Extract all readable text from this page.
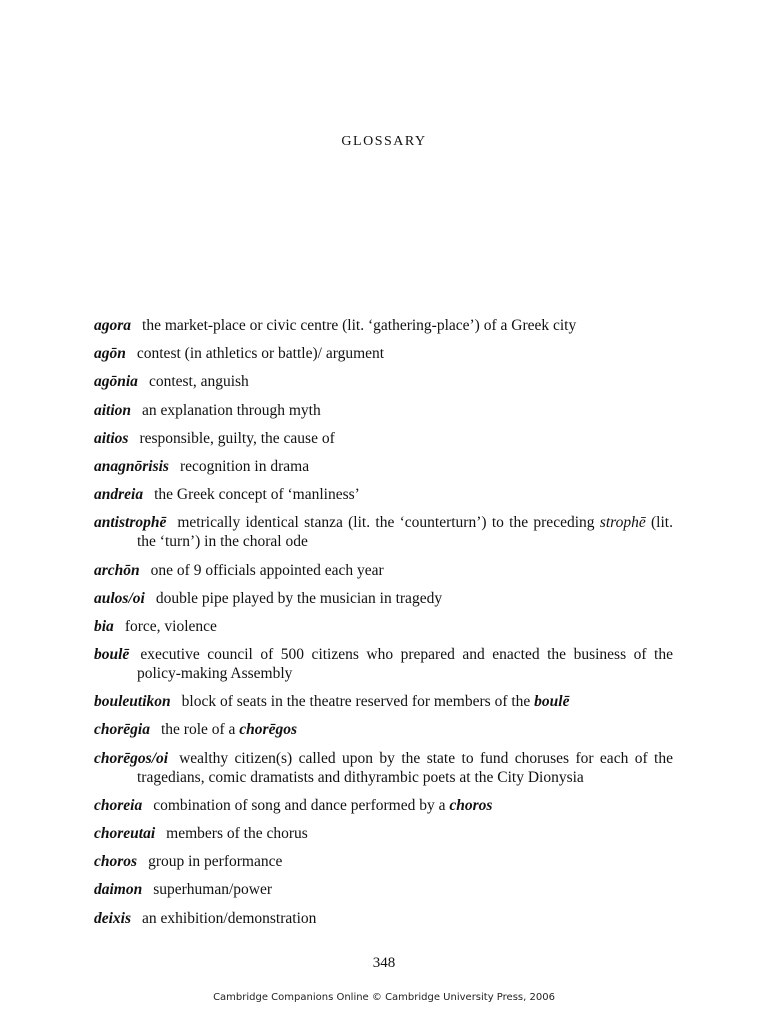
GLOSSARY
agora the market-place or civic centre (lit. ‘gathering-place’) of a Greek city
agōn contest (in athletics or battle)/ argument
agōnia contest, anguish
aition an explanation through myth
aitios responsible, guilty, the cause of
anagnōrisis recognition in drama
andreia the Greek concept of ‘manliness’
antistrophē metrically identical stanza (lit. the ‘counterturn’) to the preceding strophē (lit. the ‘turn’) in the choral ode
archōn one of 9 officials appointed each year
aulos/oi double pipe played by the musician in tragedy
bia force, violence
boulē executive council of 500 citizens who prepared and enacted the business of the policy-making Assembly
bouleutikon block of seats in the theatre reserved for members of the boulē
chorēgia the role of a chorēgos
chorēgos/oi wealthy citizen(s) called upon by the state to fund choruses for each of the tragedians, comic dramatists and dithyrambic poets at the City Dionysia
choreia combination of song and dance performed by a choros
choreutai members of the chorus
choros group in performance
daimon superhuman/power
deixis an exhibition/demonstration
348
Cambridge Companions Online © Cambridge University Press, 2006
